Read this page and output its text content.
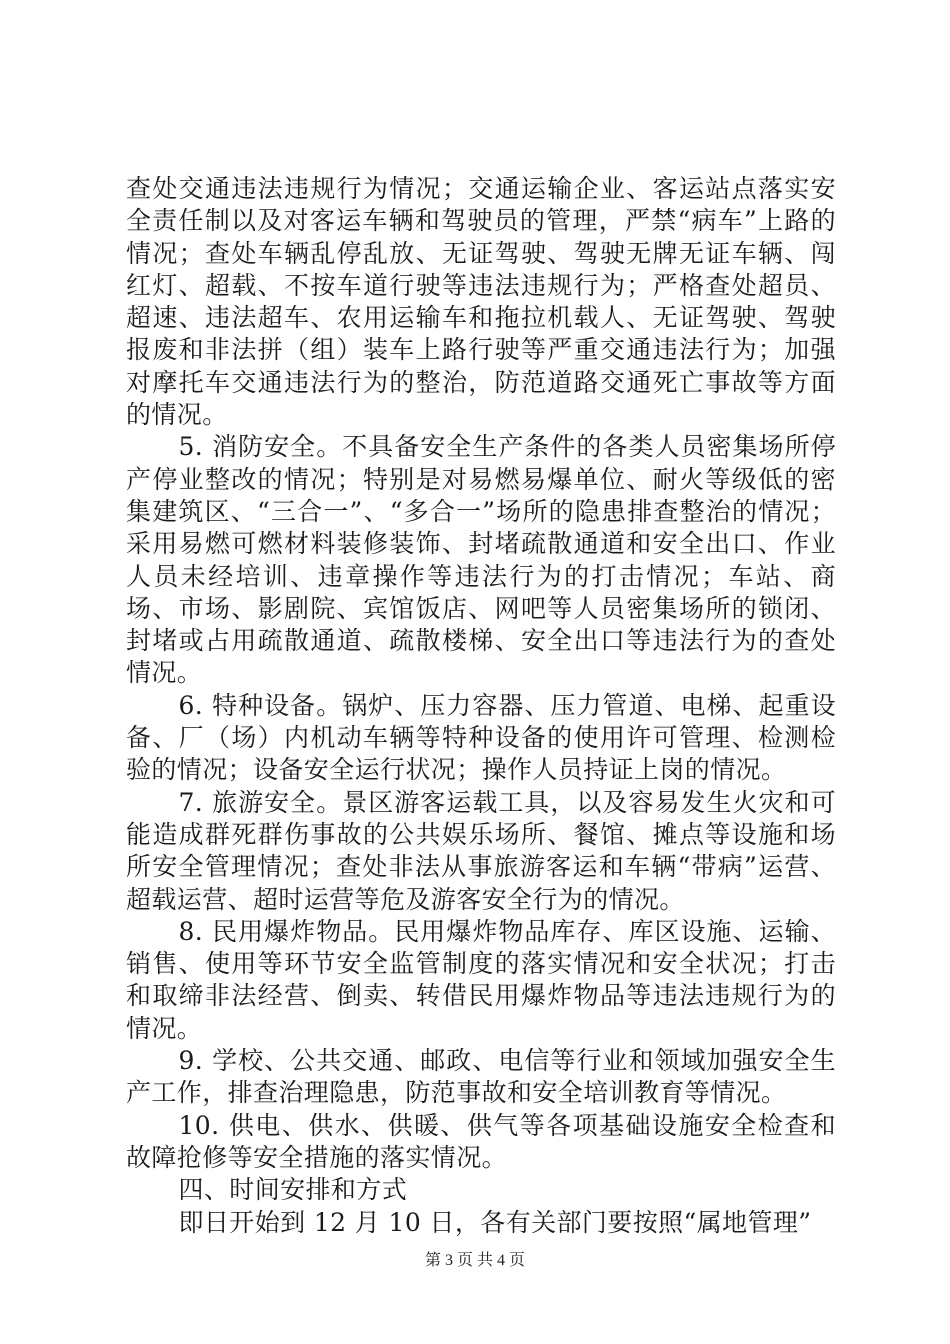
查处交通违法违规行为情况；交通运输企业、客运站点落实安全责任制以及对客运车辆和驾驶员的管理，严禁“病车”上路的情况；查处车辆乱停乱放、无证驾驶、驾驶无牌无证车辆、闯红灯、超载、不按车道行驶等违法违规行为；严格查处超员、超速、违法超车、农用运输车和拖拉机载人、无证驾驶、驾驶报废和非法拼（组）装车上路行驶等严重交通违法行为；加强对摩托车交通违法行为的整治，防范道路交通死亡事故等方面的情况。

5. 消防安全。不具备安全生产条件的各类人员密集场所停产停业整改的情况；特别是对易燃易爆单位、耐火等级低的密集建筑区、“三合一”、“多合一”场所的隐患排查整治的情况；采用易燃可燃材料装修装饰、封堵疏散通道和安全出口、作业人员未经培训、违章操作等违法行为的打击情况；车站、商场、市场、影剧院、宾馆饭店、网吧等人员密集场所的锁闭、封堵或占用疏散通道、疏散楼梯、安全出口等违法行为的查处情况。

6. 特种设备。锅炉、压力容器、压力管道、电梯、起重设备、厂（场）内机动车辆等特种设备的使用许可管理、检测检验的情况；设备安全运行状况；操作人员持证上岗的情况。

7. 旅游安全。景区游客运载工具，以及容易发生火灾和可能造成群死群伤事故的公共娱乐场所、餐馆、摊点等设施和场所安全管理情况；查处非法从事旅游客运和车辆“带病”运营、超载运营、超时运营等危及游客安全行为的情况。

8. 民用爆炸物品。民用爆炸物品库存、库区设施、运输、销售、使用等环节安全监管制度的落实情况和安全状况；打击和取缔非法经营、倒卖、转借民用爆炸物品等违法违规行为的情况。

9. 学校、公共交通、邮政、电信等行业和领域加强安全生产工作，排查治理隐患，防范事故和安全培训教育等情况。

10. 供电、供水、供暖、供气等各项基础设施安全检查和故障抢修等安全措施的落实情况。

四、时间安排和方式

即日开始到 12 月 10 日，各有关部门要按照“属地管理”

第 3 页 共 4 页
